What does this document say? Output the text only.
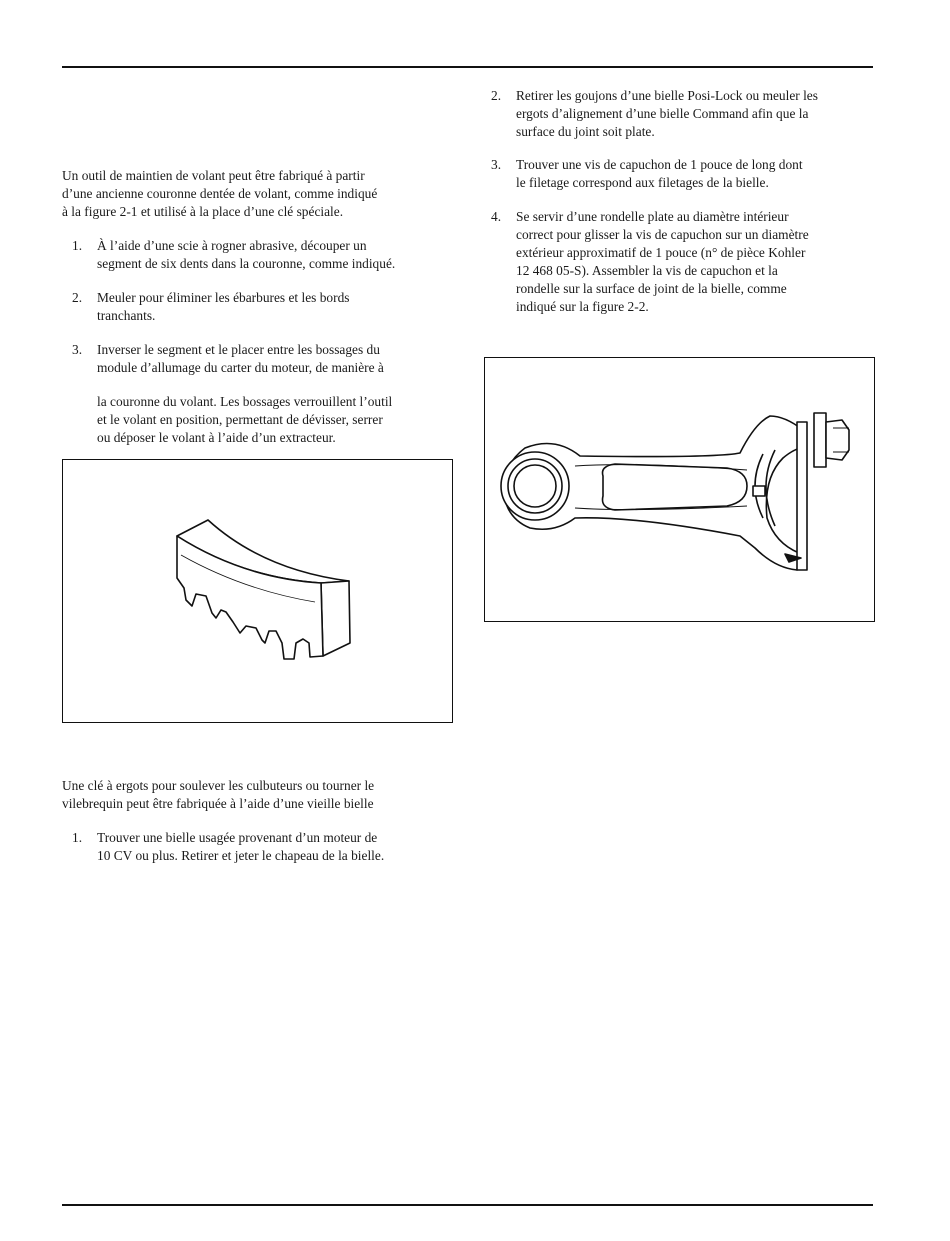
Un outil de maintien de volant peut être fabriqué à partir
d’une ancienne couronne dentée de volant, comme indiqué
à la figure 2-1 et utilisé à la place d’une clé spéciale.
1. À l’aide d’une scie à rogner abrasive, découper un
segment de six dents dans la couronne, comme indiqué.
2. Meuler pour éliminer les ébarbures et les bords
tranchants.
3. Inverser le segment et le placer entre les bossages du
module d’allumage du carter du moteur, de manière à
la couronne du volant. Les bossages verrouillent l’outil
et le volant en position, permettant de dévisser, serrer
ou déposer le volant à l’aide d’un extracteur.
Une clé à ergots pour soulever les culbuteurs ou tourner le
vilebrequin peut être fabriquée à l’aide d’une vieille bielle
1. Trouver une bielle usagée provenant d’un moteur de
10 CV ou plus. Retirer et jeter le chapeau de la bielle.
2. Retirer les goujons d’une bielle Posi-Lock ou meuler les
ergots d’alignement d’une bielle Command afin que la
surface du joint soit plate.
3. Trouver une vis de capuchon de 1 pouce de long dont
le filetage correspond aux filetages de la bielle.
4. Se servir d’une rondelle plate au diamètre intérieur
correct pour glisser la vis de capuchon sur un diamètre
extérieur approximatif de 1 pouce (n° de pièce Kohler
12 468 05-S). Assembler la vis de capuchon et la
rondelle sur la surface de joint de la bielle, comme
indiqué sur la figure 2-2.
